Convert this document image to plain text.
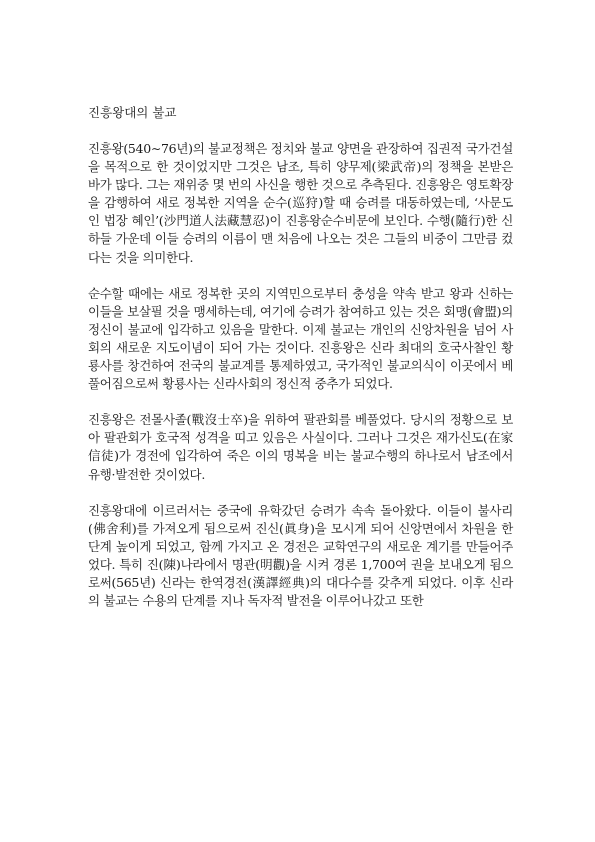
진흥왕대의 불교

진흥왕(540∼76년)의 불교정책은 정치와 불교 양면을 관장하여 집권적 국가건설을 목적으로 한 것이었지만 그것은 남조, 특히 양무제(梁武帝)의 정책을 본받은 바가 많다. 그는 재위중 몇 번의 사신을 행한 것으로 추측된다. 진흥왕은 영토확장을 감행하여 새로 정복한 지역을 순수(巡狩)할 때 승려를 대동하였는데, ‘사문도인 법장 혜인’(沙門道人法藏慧忍)이 진흥왕순수비문에 보인다. 수행(隨行)한 신하들 가운데 이들 승려의 이름이 맨 처음에 나오는 것은 그들의 비중이 그만큼 컸다는 것을 의미한다.

순수할 때에는 새로 정복한 곳의 지역민으로부터 충성을 약속 받고 왕과 신하는 이들을 보살필 것을 맹세하는데, 여기에 승려가 참여하고 있는 것은 회맹(會盟)의 정신이 불교에 입각하고 있음을 말한다. 이제 불교는 개인의 신앙차원을 넘어 사회의 새로운 지도이념이 되어 가는 것이다. 진흥왕은 신라 최대의 호국사찰인 황룡사를 창건하여 전국의 불교계를 통제하였고, 국가적인 불교의식이 이곳에서 베풀어짐으로써 황룡사는 신라사회의 정신적 중추가 되었다.

진흥왕은 전몰사졸(戰沒士卒)을 위하여 팔관회를 베풀었다. 당시의 정황으로 보아 팔관회가 호국적 성격을 띠고 있음은 사실이다. 그러나 그것은 재가신도(在家信徒)가 경전에 입각하여 죽은 이의 명복을 비는 불교수행의 하나로서 남조에서 유행·발전한 것이었다.

진흥왕대에 이르러서는 중국에 유학갔던 승려가 속속 돌아왔다. 이들이 불사리(佛舍利)를 가져오게 됨으로써 진신(眞身)을 모시게 되어 신앙면에서 차원을 한 단계 높이게 되었고, 함께 가지고 온 경전은 교학연구의 새로운 계기를 만들어주었다. 특히 진(陳)나라에서 명관(明觀)을 시켜 경론 1,700여 권을 보내오게 됨으로써(565년) 신라는 한역경전(漢譯經典)의 대다수를 갖추게 되었다. 이후 신라의 불교는 수용의 단계를 지나 독자적 발전을 이루어나갔고 또한
